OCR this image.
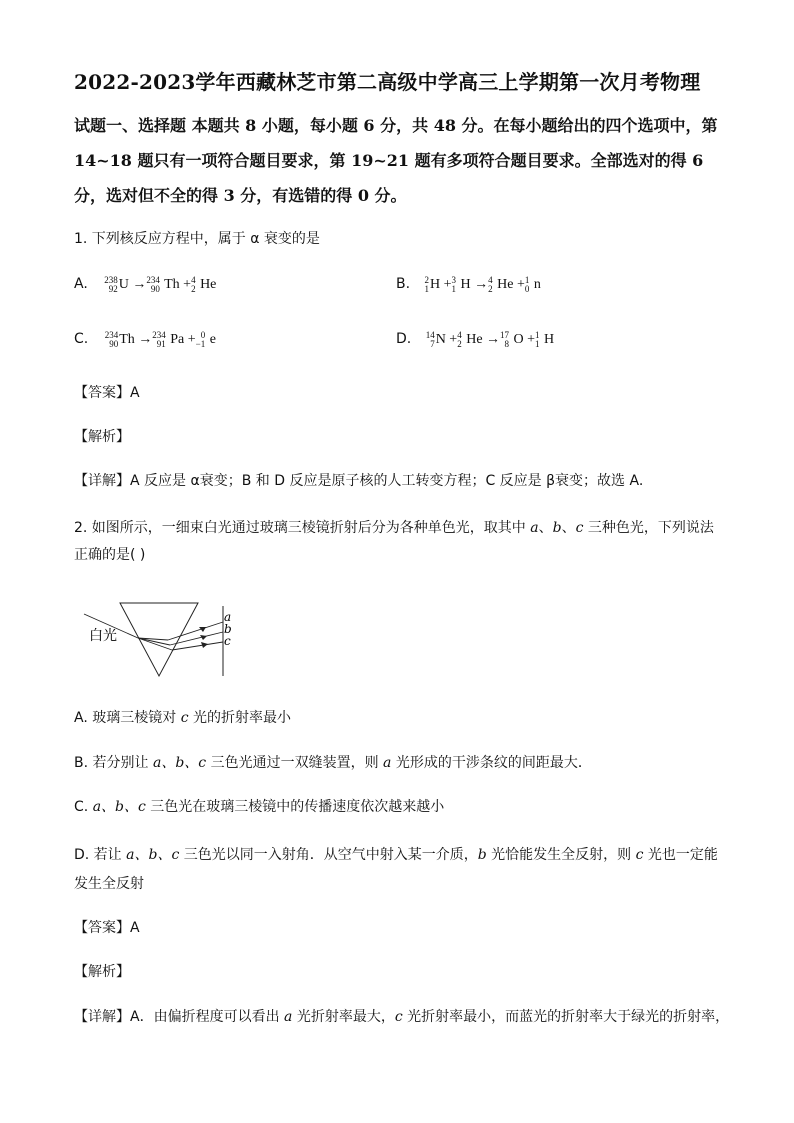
2022-2023学年西藏林芝市第二高级中学高三上学期第一次月考物理
试题一、选择题 本题共 8 小题，每小题 6 分，共 48 分。在每小题给出的四个选项中，第 14~18 题只有一项符合题目要求，第 19~21 题有多项符合题目要求。全部选对的得 6 分，选对但不全的得 3 分，有选错的得 0 分。
1. 下列核反应方程中，属于 α 衰变的是
A. 238
92 U → 234
90 Th + 4
2 He	B. 2
1 H + 3
1 H → 4
2 He + 1
0 n
C. 234
90 Th → 234
91 Pa + 0
−1 e	D. 14
7 N + 4
2 He → 17
8 O + 1
1 H
【答案】A
【解析】
【详解】A 反应是 α衰变；B 和 D 反应是原子核的人工转变方程；C 反应是 β衰变；故选 A.
2. 如图所示，一细束白光通过玻璃三棱镜折射后分为各种单色光，取其中 a、b、c 三种色光，下列说法正确的是( )
白光
a
b
c
A. 玻璃三棱镜对 c 光的折射率最小
B. 若分别让 a、b、c 三色光通过一双缝装置，则 a 光形成的干涉条纹的间距最大．
C. a、b、c 三色光在玻璃三棱镜中的传播速度依次越来越小
D. 若让 a、b、c 三色光以同一入射角．从空气中射入某一介质，b 光恰能发生全反射，则 c 光也一定能发生全反射
【答案】A
【解析】
【详解】A．由偏折程度可以看出 a 光折射率最大，c 光折射率最小，而蓝光的折射率大于绿光的折射率，
